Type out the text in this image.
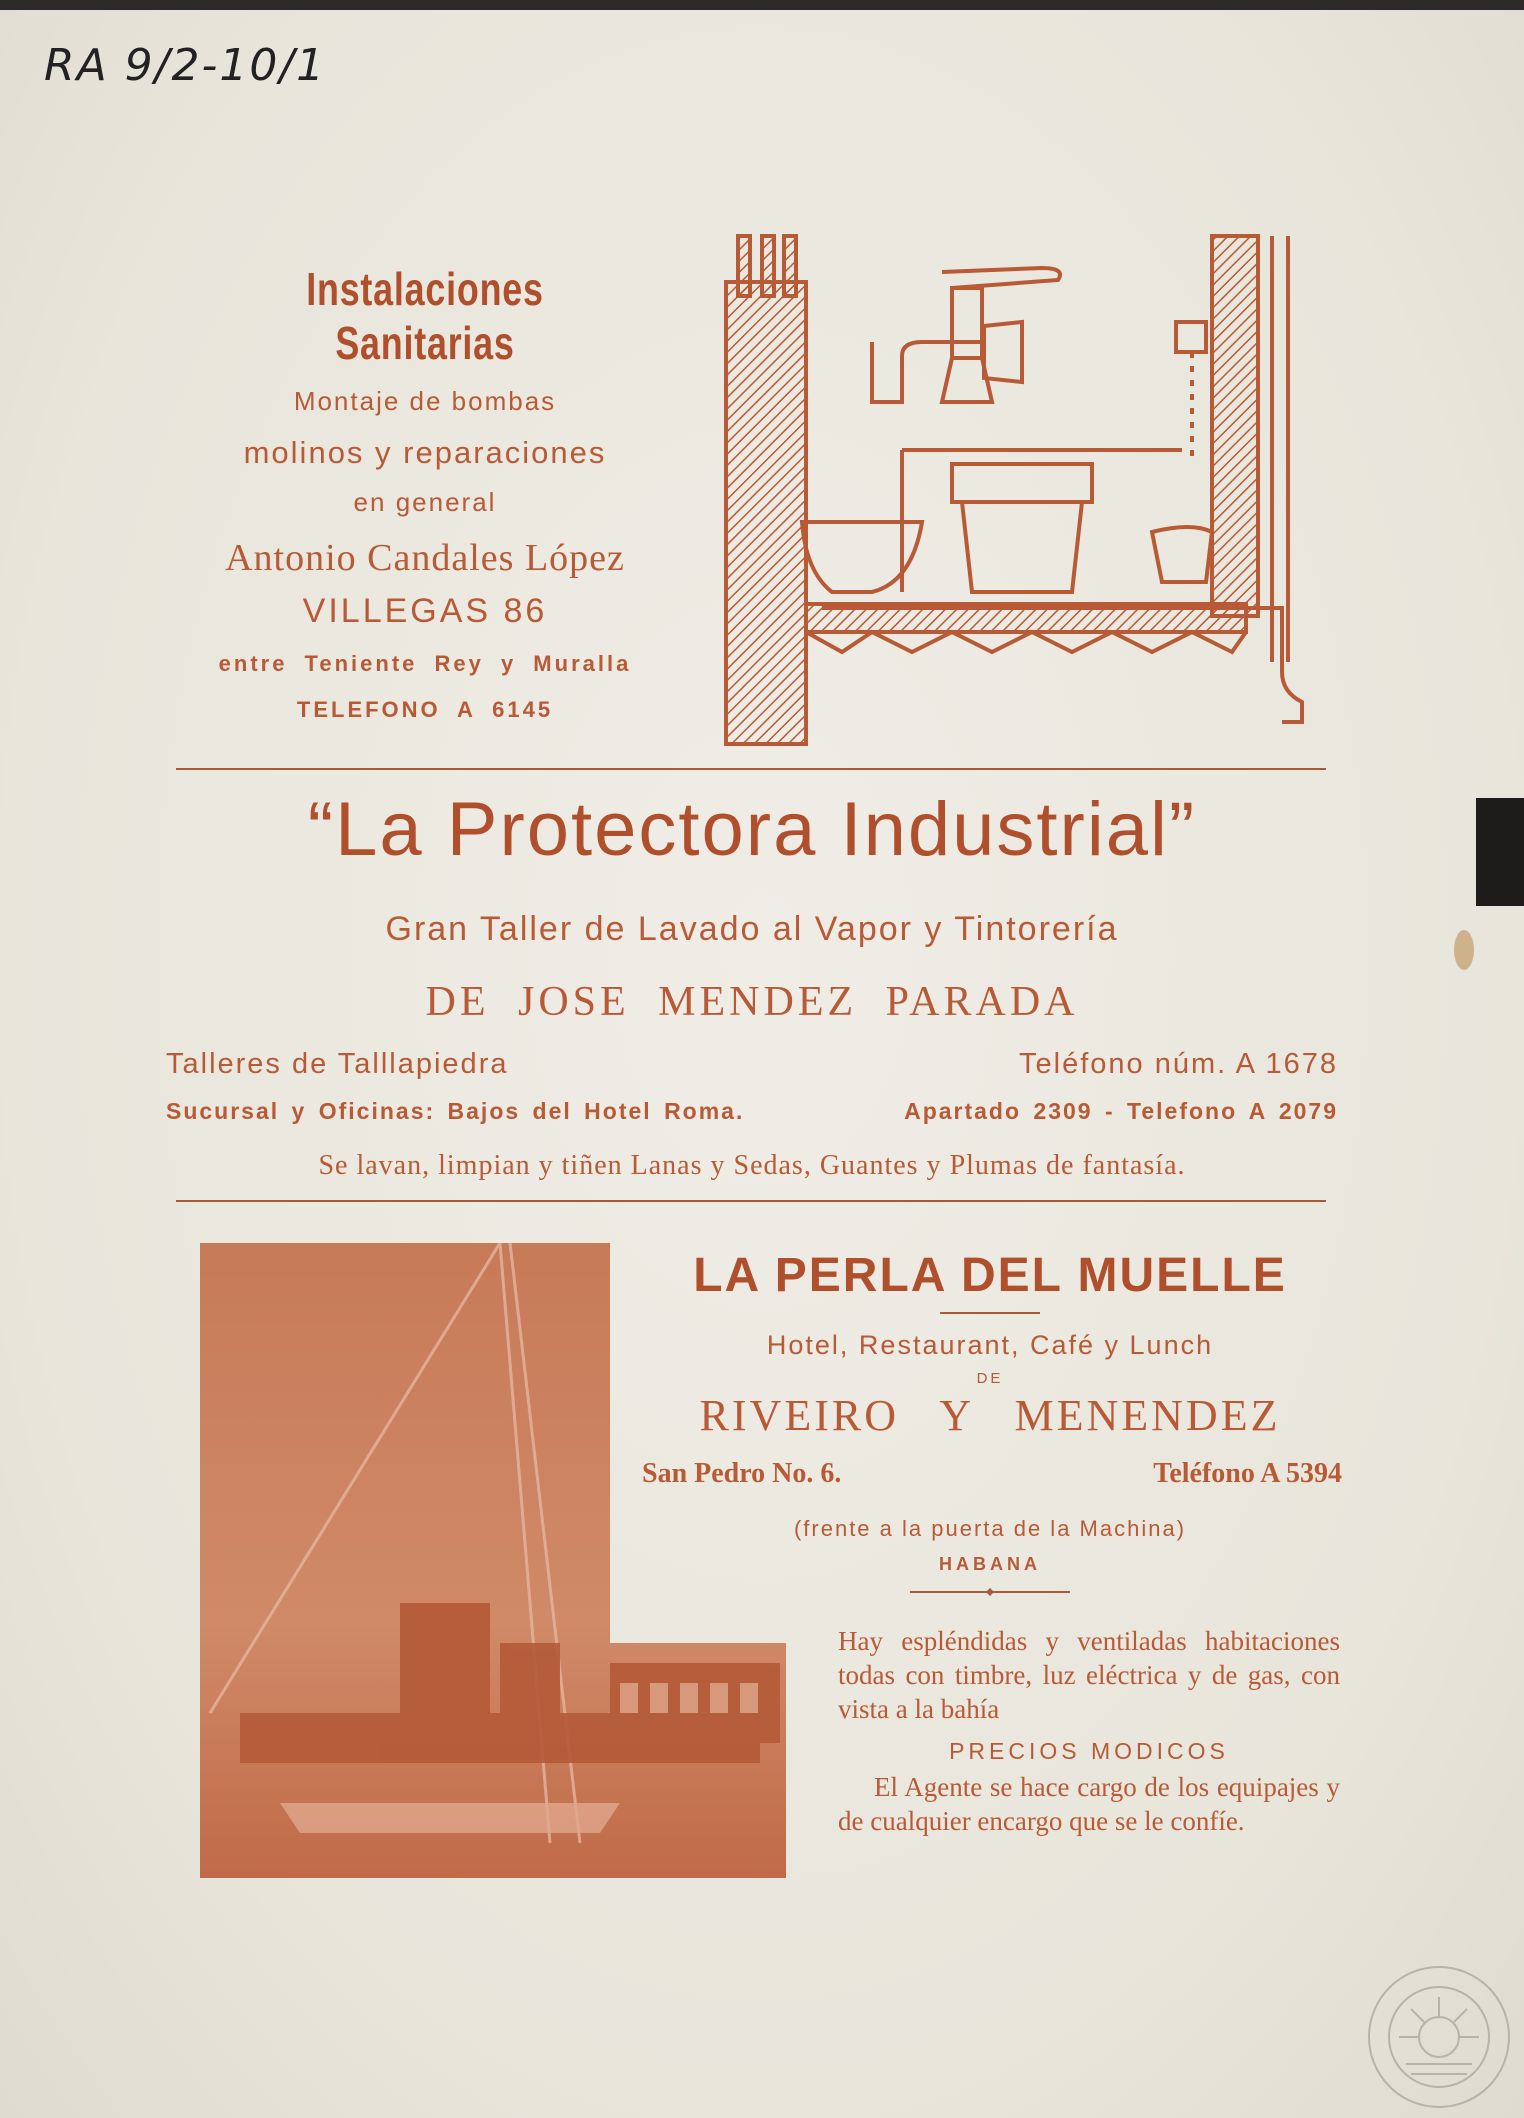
RA 9/2-10/1
Instalaciones Sanitarias
Montaje de bombas
molinos y reparaciones
en general
Antonio Candales López
VILLEGAS 86
entre Teniente Rey y Muralla
TELEFONO A 6145
“La Protectora Industrial”
Gran Taller de Lavado al Vapor y Tintorería
DE JOSE MENDEZ PARADA
Talleres de Talllapiedra	Teléfono núm. A 1678
Sucursal y Oficinas: Bajos del Hotel Roma.	Apartado 2309 - Telefono A 2079
Se lavan, limpian y tiñen Lanas y Sedas, Guantes y Plumas de fantasía.
LA PERLA DEL MUELLE
Hotel, Restaurant, Café y Lunch
DE
RIVEIRO Y MENENDEZ
San Pedro No. 6.	Teléfono A 5394
(frente a la puerta de la Machina)
HABANA

Hay espléndidas y ventiladas habitaciones todas con timbre, luz eléctrica y de gas, con vista a la bahía

PRECIOS MODICOS
El Agente se hace cargo de los equipajes y de cualquier encargo que se le confíe.
